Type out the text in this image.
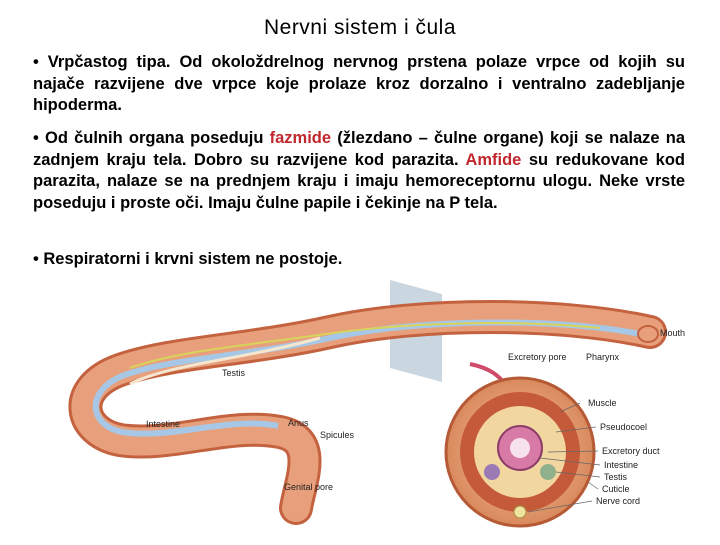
Nervni sistem i čula
• Vrpčastog tipa. Od okoloždrelnog nervnog prstena polaze vrpce od kojih su najače razvijene dve vrpce koje prolaze kroz dorzalno i ventralno zadebljanje hipoderma.
• Od čulnih organa poseduju fazmide (žlezdano – čulne organe) koji se nalaze na zadnjem kraju tela. Dobro su razvijene kod parazita. Amfide su redukovane kod parazita, nalaze se na prednjem kraju i imaju hemoreceptornu ulogu. Neke vrste poseduju i proste oči. Imaju čulne papile i čekinje na P tela.
• Respiratorni i krvni sistem ne postoje.
Mouth
Excretory pore Pharynx
Testis
Intestine	Anus
Spicules
Genital pore
Muscle
Pseudocoel
Excretory duct
Intestine
Testis
Cuticle
Nerve cord
